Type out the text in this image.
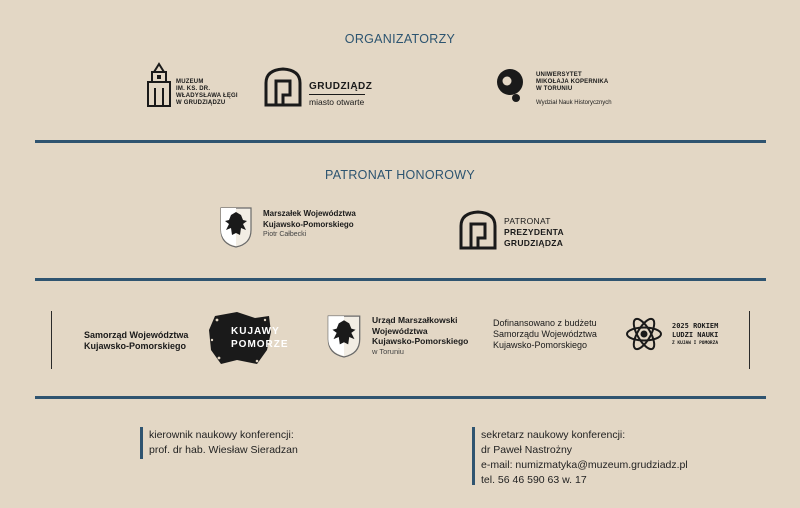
ORGANIZATORZY
MUZEUM
IM. KS. DR.
WŁADYSŁAWA ŁĘGI
W GRUDZIĄDZU
GRUDZIĄDZ
miasto otwarte
UNIWERSYTET
MIKOŁAJA KOPERNIKA
W TORUNIU
Wydział Nauk Historycznych
PATRONAT HONOROWY
Marszałek Województwa
Kujawsko-Pomorskiego
Piotr Całbecki
PATRONAT
PREZYDENTA
GRUDZIĄDZA
Samorząd Województwa
Kujawsko-Pomorskiego
KUJAWY
POMORZE
Urząd Marszałkowski
Województwa
Kujawsko-Pomorskiego
w Toruniu
Dofinansowano z budżetu
Samorządu Województwa
Kujawsko-Pomorskiego
2025 ROKIEM
LUDZI NAUKI
Z KUJAW I POMORZA
kierownik naukowy konferencji:
prof. dr hab. Wiesław Sieradzan
sekretarz naukowy konferencji:
dr Paweł Nastrożny
e-mail: numizmatyka@muzeum.grudziadz.pl
tel. 56 46 590 63 w. 17
